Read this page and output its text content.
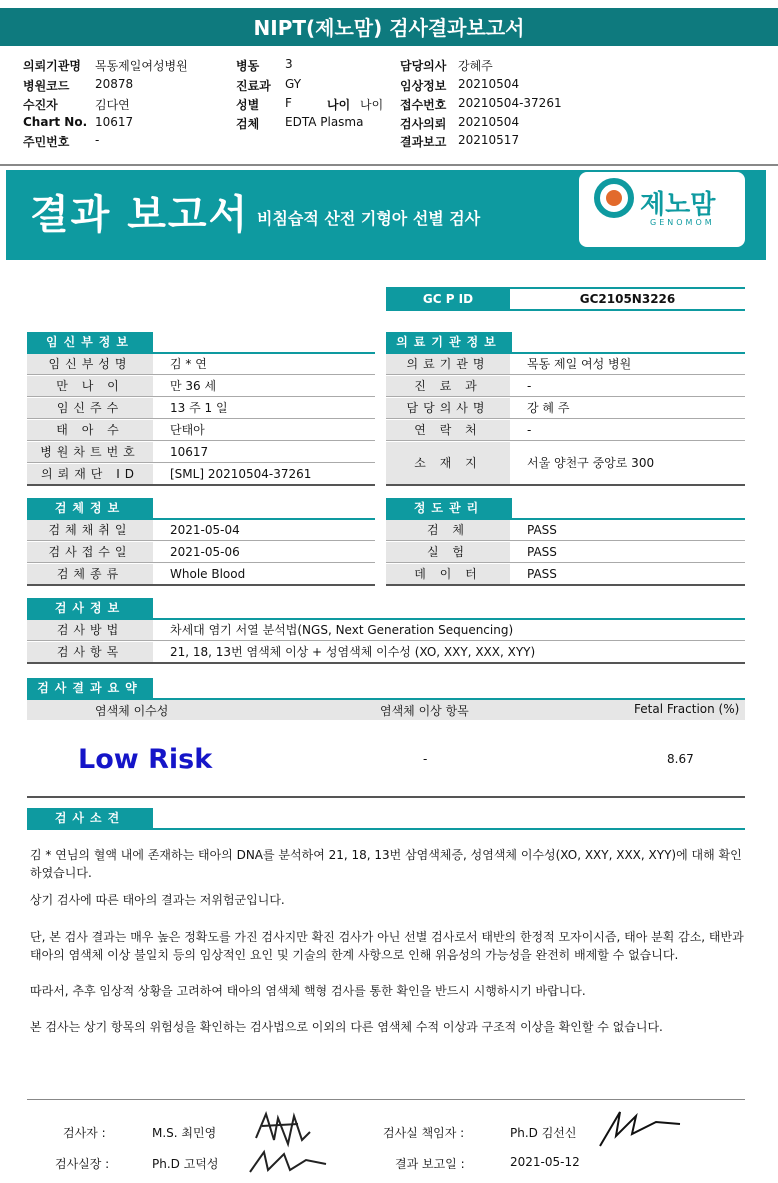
NIPT(제노맘) 검사결과보고서
의뢰기관명 목동제일여성병원	병동 3	담당의사 강혜주
병원코드 20878	진료과 GY	임상정보 20210504
수진자	김다연	성별 F	접수번호 20210504-37261
Chart No. 10617	검체 EDTA Plasma	검사의뢰 20210504
주민번호 -	결과보고 20210517
나이 나이
결과 보고서 비침습적 산전 기형아 선별 검사	제노맘
GENOMOM
GC P ID	GC2105N3226
임신부정보
임신부성명	김 * 연
만 나 이	만 36 세
임신주수	13 주 1 일
태 아 수	단태아
병원차트번호	10617
의뢰재단 ID	[SML] 20210504-37261
의료기관정보
의료기관명	목동 제일 여성 병원
진 료 과	-
담당의사명	강 혜 주
연 락 처	-
소 재 지	서울 양천구 중앙로 300
검체정보
검체채취일	2021-05-04
검사접수일	2021-05-06
검체종류	Whole Blood
정도관리
검 체	PASS
실 험	PASS
데 이 터	PASS
검사정보
검사방법	차세대 염기 서열 분석법(NGS, Next Generation Sequencing)
검사항목	21, 18, 13번 염색체 이상 + 성염색체 이수성 (XO, XXY, XXX, XYY)
검사결과요약
염색체 이수성	염색체 이상 항목	Fetal Fraction (%)
Low Risk	-	8.67
검사소견
김 * 연님의 혈액 내에 존재하는 태아의 DNA를 분석하여 21, 18, 13번 삼염색체증, 성염색체 이수성(XO, XXY, XXX, XYY)에 대해 확인하였습니다.
상기 검사에 따른 태아의 결과는 저위험군입니다.
단, 본 검사 결과는 매우 높은 정확도를 가진 검사지만 확진 검사가 아닌 선별 검사로서 태반의 한정적 모자이시즘, 태아 분획 감소, 태반과 태아의 염색체 이상 불일치 등의 임상적인 요인 및 기술의 한계 사항으로 인해 위음성의 가능성을 완전히 배제할 수 없습니다.
따라서, 추후 임상적 상황을 고려하여 태아의 염색체 핵형 검사를 통한 확인을 반드시 시행하시기 바랍니다.
본 검사는 상기 항목의 위험성을 확인하는 검사법으로 이외의 다른 염색체 수적 이상과 구조적 이상을 확인할 수 없습니다.
검사자 :	M.S. 최민영	검사실 책임자 :	Ph.D 김선신
검사실장 :	Ph.D 고덕성	결과 보고일 :	2021-05-12
